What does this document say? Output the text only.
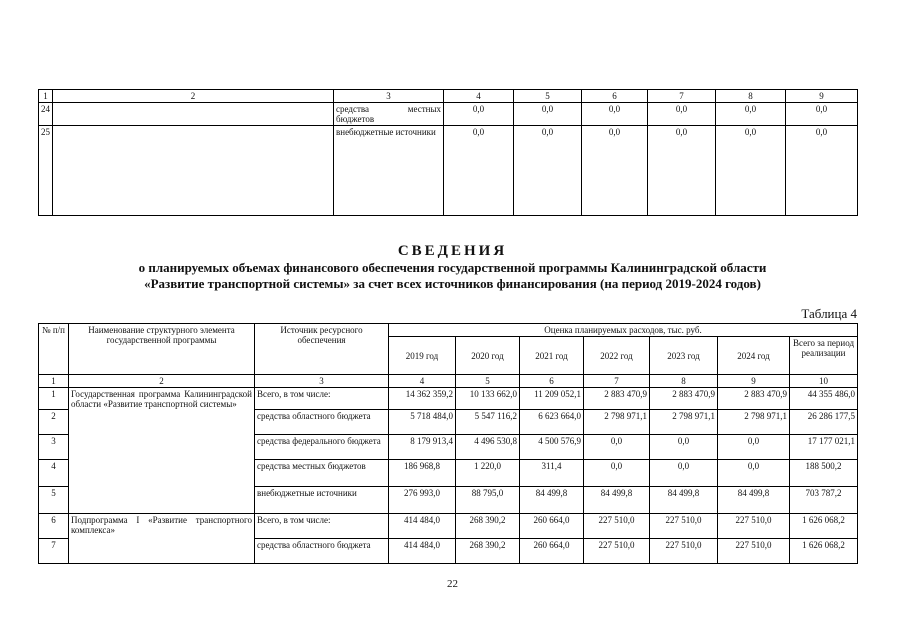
1	2	3	4	5	6	7	8	9
24		средства местных бюджетов	0,0	0,0	0,0	0,0	0,0	0,0
25		внебюджетные источники	0,0	0,0	0,0	0,0	0,0	0,0
СВЕДЕНИЯ
о планируемых объемах финансового обеспечения государственной программы Калининградской области
«Развитие транспортной системы» за счет всех источников финансирования (на период 2019-2024 годов)
Таблица 4
№ п/п	Наименование структурного элемента государственной программы	Источник ресурсного обеспечения	Оценка планируемых расходов, тыс. руб.						
			2019 год	2020 год	2021 год	2022 год	2023 год	2024 год	Всего за период реализации
1	2	3	4	5	6	7	8	9	10
1	Государственная программа Калининградской области «Развитие транспортной системы»	Всего, в том числе:	14 362 359,2	10 133 662,0	11 209 052,1	2 883 470,9	2 883 470,9	2 883 470,9	44 355 486,0
2		средства областного бюджета	5 718 484,0	5 547 116,2	6 623 664,0	2 798 971,1	2 798 971,1	2 798 971,1	26 286 177,5
3		средства федерального бюджета	8 179 913,4	4 496 530,8	4 500 576,9	0,0	0,0	0,0	17 177 021,1
4		средства местных бюджетов	186 968,8	1 220,0	311,4	0,0	0,0	0,0	188 500,2
5		внебюджетные источники	276 993,0	88 795,0	84 499,8	84 499,8	84 499,8	84 499,8	703 787,2
6	Подпрограмма I «Развитие транспортного комплекса»	Всего, в том числе:	414 484,0	268 390,2	260 664,0	227 510,0	227 510,0	227 510,0	1 626 068,2
7		средства областного бюджета	414 484,0	268 390,2	260 664,0	227 510,0	227 510,0	227 510,0	1 626 068,2
22
